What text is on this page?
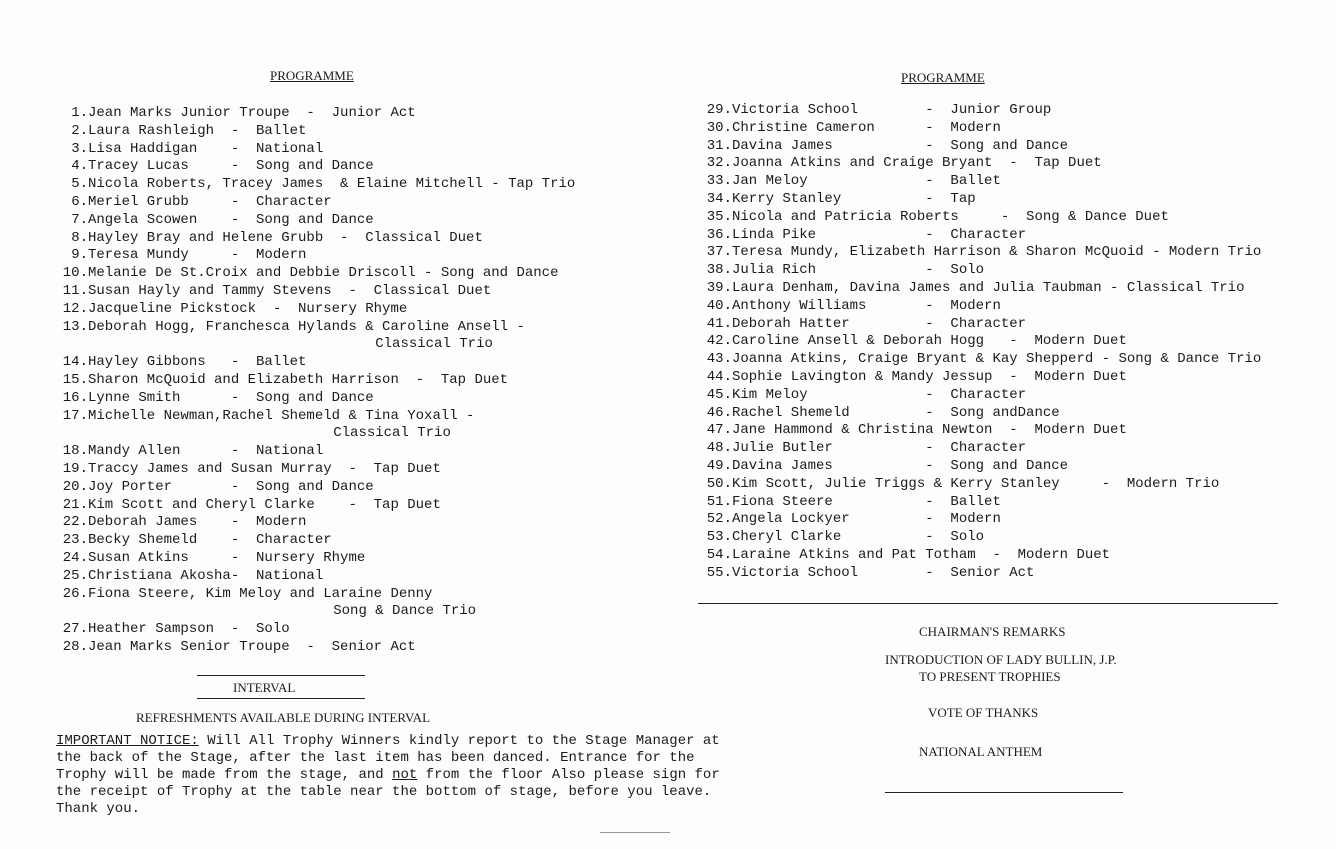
PROGRAMME
1.Jean Marks Junior Troupe  -  Junior Act
2.Laura Rashleigh  -  Ballet
3.Lisa Haddigan    -  National
4.Tracey Lucas     -  Song and Dance
5.Nicola Roberts, Tracey James  & Elaine Mitchell - Tap Trio
6.Meriel Grubb     -  Character
7.Angela Scowen    -  Song and Dance
8.Hayley Bray and Helene Grubb  -  Classical Duet
9.Teresa Mundy     -  Modern
10.Melanie De St.Croix and Debbie Driscoll - Song and Dance
11.Susan Hayly and Tammy Stevens  -  Classical Duet
12.Jacqueline Pickstock  -  Nursery Rhyme
13.Deborah Hogg, Franchesca Hylands & Caroline Ansell -
Classical Trio
14.Hayley Gibbons   -  Ballet
15.Sharon McQuoid and Elizabeth Harrison  -  Tap Duet
16.Lynne Smith      -  Song and Dance
17.Michelle Newman,Rachel Shemeld & Tina Yoxall -
Classical Trio
18.Mandy Allen      -  National
19.Traccy James and Susan Murray  -  Tap Duet
20.Joy Porter       -  Song and Dance
21.Kim Scott and Cheryl Clarke    -  Tap Duet
22.Deborah James    -  Modern
23.Becky Shemeld    -  Character
24.Susan Atkins     -  Nursery Rhyme
25.Christiana Akosha-  National
26.Fiona Steere, Kim Meloy and Laraine Denny
Song & Dance Trio
27.Heather Sampson  -  Solo
28.Jean Marks Senior Troupe  -  Senior Act
INTERVAL
REFRESHMENTS AVAILABLE DURING INTERVAL
IMPORTANT NOTICE: Will All Trophy Winners kindly report to the Stage Manager at the back of the Stage, after the last item has been danced. Entrance for the Trophy will be made from the stage, and not from the floor Also please sign for the receipt of Trophy at the table near the bottom of stage, before you leave. Thank you.
PROGRAMME
29.Victoria School        -  Junior Group
30.Christine Cameron      -  Modern
31.Davina James           -  Song and Dance
32.Joanna Atkins and Craige Bryant  -  Tap Duet
33.Jan Meloy              -  Ballet
34.Kerry Stanley          -  Tap
35.Nicola and Patricia Roberts     -  Song & Dance Duet
36.Linda Pike             -  Character
37.Teresa Mundy, Elizabeth Harrison & Sharon McQuoid - Modern Trio
38.Julia Rich             -  Solo
39.Laura Denham, Davina James and Julia Taubman - Classical Trio
40.Anthony Williams       -  Modern
41.Deborah Hatter         -  Character
42.Caroline Ansell & Deborah Hogg   -  Modern Duet
43.Joanna Atkins, Craige Bryant & Kay Shepperd - Song & Dance Trio
44.Sophie Lavington & Mandy Jessup  -  Modern Duet
45.Kim Meloy              -  Character
46.Rachel Shemeld         -  Song andDance
47.Jane Hammond & Christina Newton  -  Modern Duet
48.Julie Butler           -  Character
49.Davina James           -  Song and Dance
50.Kim Scott, Julie Triggs & Kerry Stanley     -  Modern Trio
51.Fiona Steere           -  Ballet
52.Angela Lockyer         -  Modern
53.Cheryl Clarke          -  Solo
54.Laraine Atkins and Pat Totham  -  Modern Duet
55.Victoria School        -  Senior Act
CHAIRMAN'S REMARKS
INTRODUCTION OF LADY BULLIN, J.P.
TO PRESENT TROPHIES
VOTE OF THANKS
NATIONAL ANTHEM
